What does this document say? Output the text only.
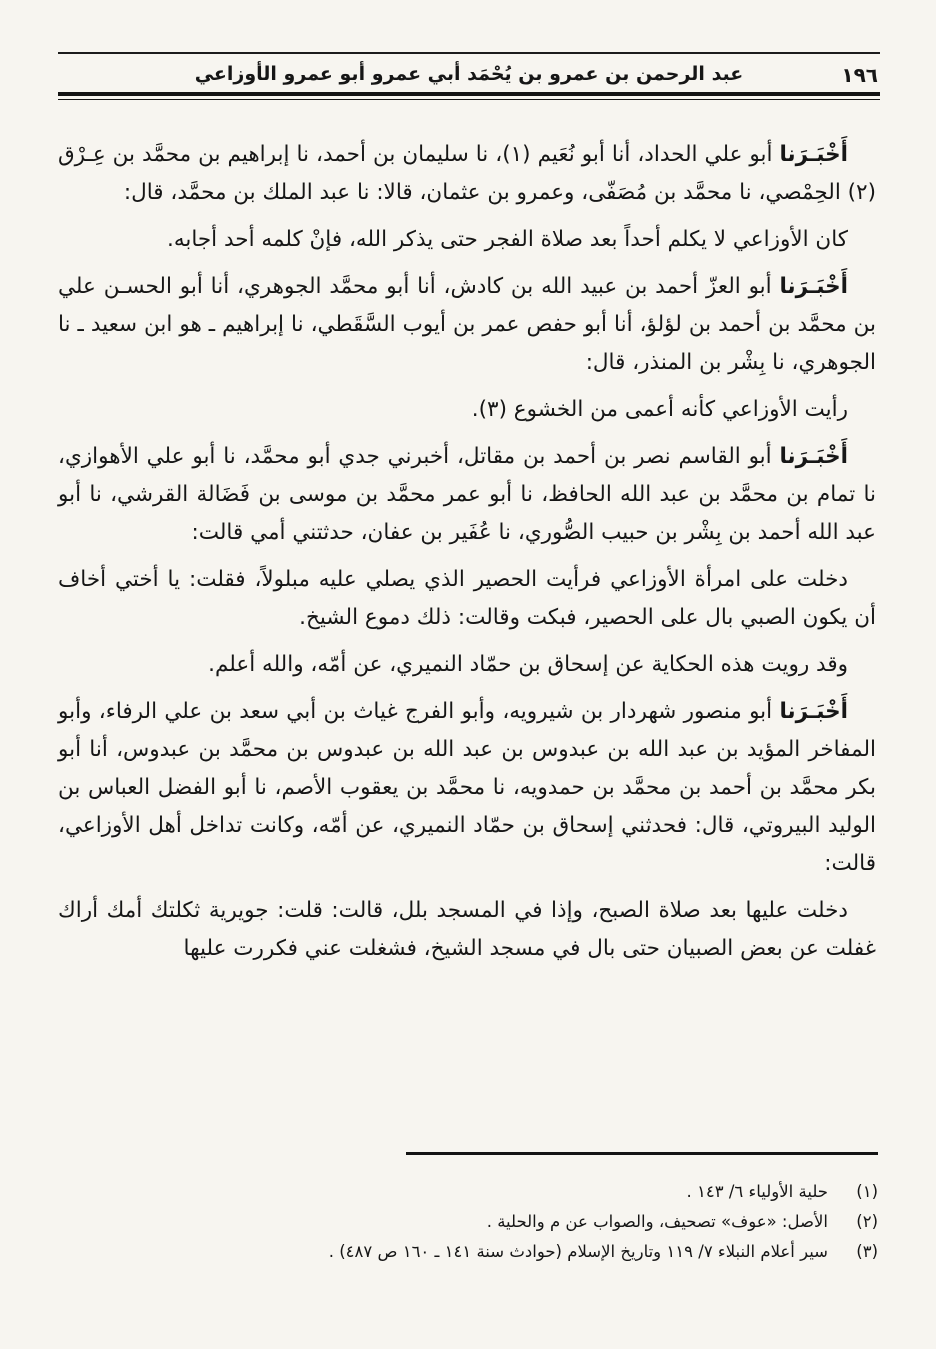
عبد الرحمن بن عمرو بن يُحْمَد أبي عمرو أبو عمرو الأوزاعي	١٩٦

أَخْبَـرَنا أبو علي الحداد، أنا أبو نُعَيم (١)، نا سليمان بن أحمد، نا إبراهيم بن محمَّد بن عِـرْق (٢) الحِمْصي، نا محمَّد بن مُصَفّى، وعمرو بن عثمان، قالا: نا عبد الملك بن محمَّد، قال:

كان الأوزاعي لا يكلم أحداً بعد صلاة الفجر حتى يذكر الله، فإنْ كلمه أحد أجابه.

أَخْبَـرَنا أبو العزّ أحمد بن عبيد الله بن كادش، أنا أبو محمَّد الجوهري، أنا أبو الحسـن علي بن محمَّد بن أحمد بن لؤلؤ، أنا أبو حفص عمر بن أيوب السَّقَطي، نا إبراهيم ـ هو ابن سعيد ـ نا الجوهري، نا بِشْر بن المنذر، قال:

رأيت الأوزاعي كأنه أعمى من الخشوع (٣).

أَخْبَـرَنا أبو القاسم نصر بن أحمد بن مقاتل، أخبرني جدي أبو محمَّد، نا أبو علي الأهوازي، نا تمام بن محمَّد بن عبد الله الحافظ، نا أبو عمر محمَّد بن موسى بن فَضَالة القرشي، نا أبو عبد الله أحمد بن بِشْر بن حبيب الصُّوري، نا عُفَير بن عفان، حدثتني أمي قالت:

دخلت على امرأة الأوزاعي فرأيت الحصير الذي يصلي عليه مبلولاً، فقلت: يا أختي أخاف أن يكون الصبي بال على الحصير، فبكت وقالت: ذلك دموع الشيخ.

وقد رويت هذه الحكاية عن إسحاق بن حمّاد النميري، عن أمّه، والله أعلم.

أَخْبَـرَنا أبو منصور شهردار بن شيرويه، وأبو الفرج غياث بن أبي سعد بن علي الرفاء، وأبو المفاخر المؤيد بن عبد الله بن عبدوس بن عبد الله بن عبدوس بن محمَّد بن عبدوس، أنا أبو بكر محمَّد بن أحمد بن محمَّد بن حمدويه، نا محمَّد بن يعقوب الأصم، نا أبو الفضل العباس بن الوليد البيروتي، قال: فحدثني إسحاق بن حمّاد النميري، عن أمّه، وكانت تداخل أهل الأوزاعي، قالت:

دخلت عليها بعد صلاة الصبح، وإذا في المسجد بلل، قالت: قلت: جويرية ثكلتك أمك أراك غفلت عن بعض الصبيان حتى بال في مسجد الشيخ، فشغلت عني فكررت عليها

(١)
حلية الأولياء ٦/ ١٤٣ .
(٢)
الأصل: «عوف» تصحيف، والصواب عن م والحلية .
(٣)
سير أعلام النبلاء ٧/ ١١٩ وتاريخ الإسلام (حوادث سنة ١٤١ ـ ١٦٠ ص ٤٨٧) .
